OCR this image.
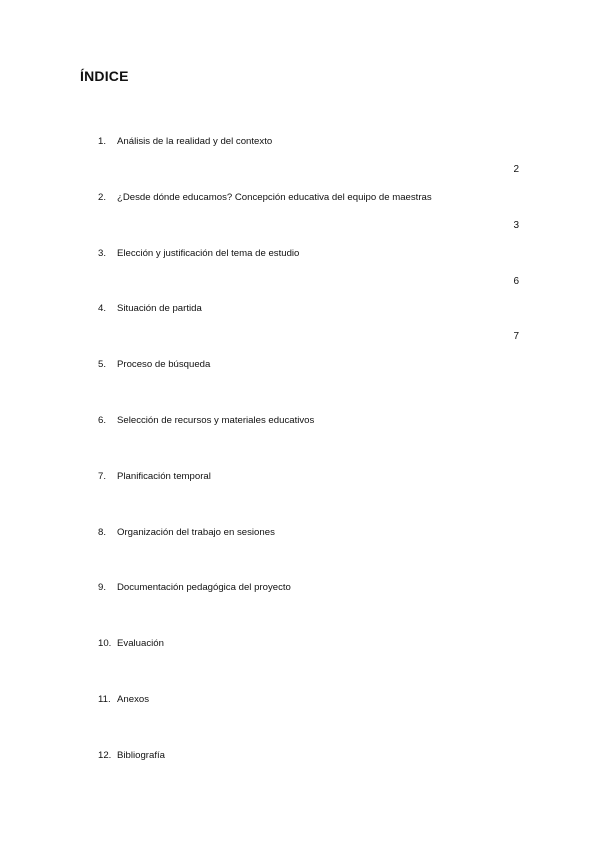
ÍNDICE
1. Análisis de la realidad y del contexto
2
2. ¿Desde dónde educamos? Concepción educativa del equipo de maestras
3
3. Elección y justificación del tema de estudio
6
4. Situación de partida
7
5. Proceso de búsqueda
6. Selección de recursos y materiales educativos
7. Planificación temporal
8. Organización del trabajo en sesiones
9. Documentación pedagógica del proyecto
10. Evaluación
11. Anexos
12. Bibliografía
